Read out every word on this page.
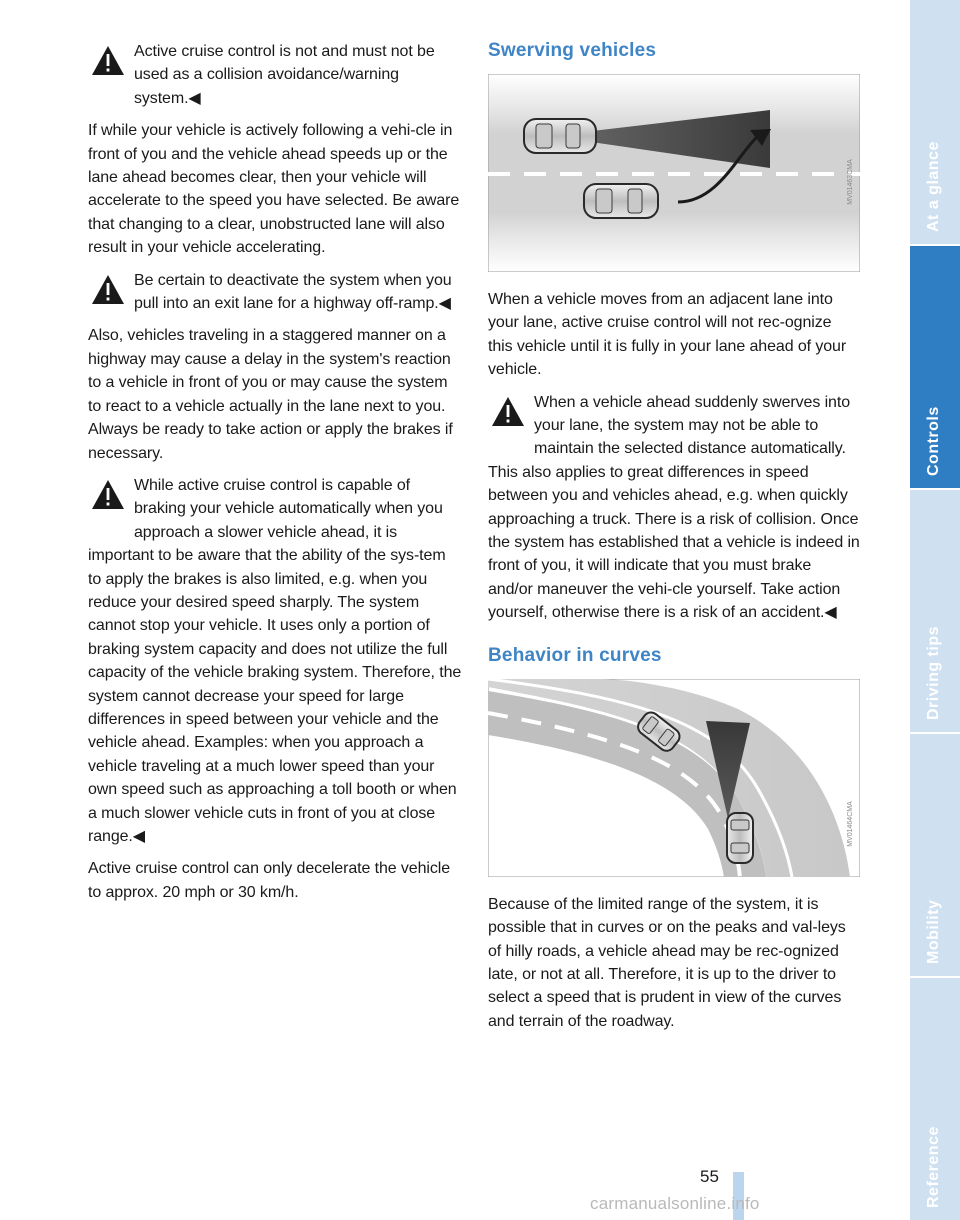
Active cruise control is not and must not be used as a collision avoidance/warning system.◀

If while your vehicle is actively following a vehi-cle in front of you and the vehicle ahead speeds up or the lane ahead becomes clear, then your vehicle will accelerate to the speed you have selected. Be aware that changing to a clear, unobstructed lane will also result in your vehicle accelerating.

Be certain to deactivate the system when you pull into an exit lane for a highway off-ramp.◀

Also, vehicles traveling in a staggered manner on a highway may cause a delay in the system's reaction to a vehicle in front of you or may cause the system to react to a vehicle actually in the lane next to you. Always be ready to take action or apply the brakes if necessary.

While active cruise control is capable of braking your vehicle automatically when you approach a slower vehicle ahead, it is important to be aware that the ability of the sys-tem to apply the brakes is also limited, e.g. when you reduce your desired speed sharply. The system cannot stop your vehicle. It uses only a portion of braking system capacity and does not utilize the full capacity of the vehicle braking system. Therefore, the system cannot decrease your speed for large differences in speed between your vehicle and the vehicle ahead. Examples: when you approach a vehicle traveling at a much lower speed than your own speed such as approaching a toll booth or when a much slower vehicle cuts in front of you at close range.◀

Active cruise control can only decelerate the vehicle to approx. 20 mph or 30 km/h.

Swerving vehicles
MV01463CMA

When a vehicle moves from an adjacent lane into your lane, active cruise control will not rec-ognize this vehicle until it is fully in your lane ahead of your vehicle.

When a vehicle ahead suddenly swerves into your lane, the system may not be able to maintain the selected distance automatically. This also applies to great differences in speed between you and vehicles ahead, e.g. when quickly approaching a truck. There is a risk of collision. Once the system has established that a vehicle is indeed in front of you, it will indicate that you must brake and/or maneuver the vehi-cle yourself. Take action yourself, otherwise there is a risk of an accident.◀
Behavior in curves
MV01464CMA

Because of the limited range of the system, it is possible that in curves or on the peaks and val-leys of hilly roads, a vehicle ahead may be rec-ognized late, or not at all. Therefore, it is up to the driver to select a speed that is prudent in view of the curves and terrain of the roadway.

At a glance
Controls
Driving tips
Mobility
Reference
55
carmanualsonline.info
